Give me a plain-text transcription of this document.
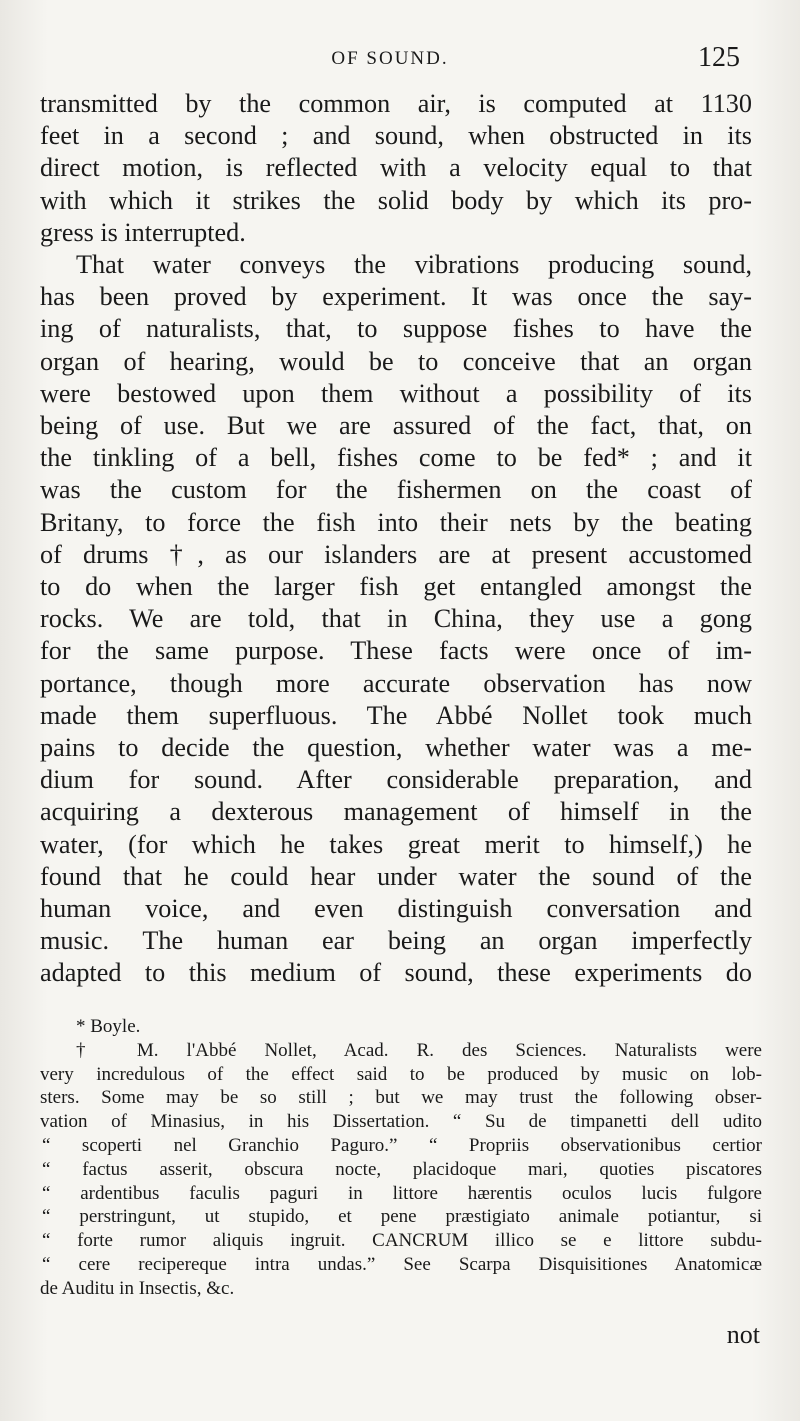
OF SOUND.	125
transmitted by the common air, is computed at 1130
feet in a second ; and sound, when obstructed in its
direct motion, is reflected with a velocity equal to that
with which it strikes the solid body by which its pro-
gress is interrupted.
That water conveys the vibrations producing sound,
has been proved by experiment. It was once the say-
ing of naturalists, that, to suppose fishes to have the
organ of hearing, would be to conceive that an organ
were bestowed upon them without a possibility of its
being of use. But we are assured of the fact, that, on
the tinkling of a bell, fishes come to be fed* ; and it
was the custom for the fishermen on the coast of
Britany, to force the fish into their nets by the beating
of drums †, as our islanders are at present accustomed
to do when the larger fish get entangled amongst the
rocks. We are told, that in China, they use a gong
for the same purpose. These facts were once of im-
portance, though more accurate observation has now
made them superfluous. The Abbé Nollet took much
pains to decide the question, whether water was a me-
dium for sound. After considerable preparation, and
acquiring a dexterous management of himself in the
water, (for which he takes great merit to himself,) he
found that he could hear under water the sound of the
human voice, and even distinguish conversation and
music. The human ear being an organ imperfectly
adapted to this medium of sound, these experiments do
* Boyle.
† M. l'Abbé Nollet, Acad. R. des Sciences. Naturalists were
very incredulous of the effect said to be produced by music on lob-
sters. Some may be so still ; but we may trust the following obser-
vation of Minasius, in his Dissertation. “ Su de timpanetti dell udito
“ scoperti nel Granchio Paguro.” “ Propriis observationibus certior
“ factus asserit, obscura nocte, placidoque mari, quoties piscatores
“ ardentibus faculis paguri in littore hærentis oculos lucis fulgore
“ perstringunt, ut stupido, et pene præstigiato animale potiantur, si
“ forte rumor aliquis ingruit. CANCRUM illico se e littore subdu-
“ cere recipereque intra undas.” See Scarpa Disquisitiones Anatomicæ
de Auditu in Insectis, &c.
not
